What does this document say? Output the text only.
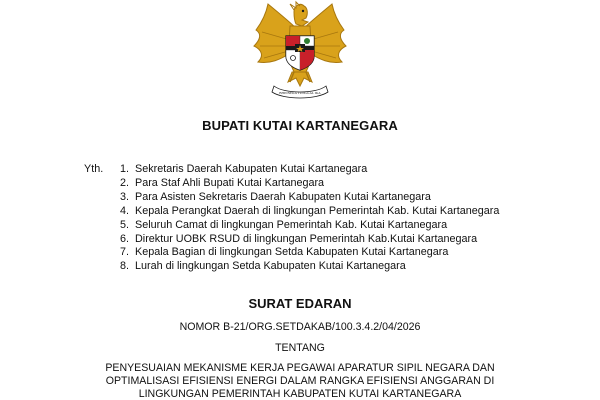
BHINNEKA TUNGGAL IKA
BUPATI KUTAI KARTANEGARA
Yth. 1. Sekretaris Daerah Kabupaten Kutai Kartanegara
2. Para Staf Ahli Bupati Kutai Kartanegara
3. Para Asisten Sekretaris Daerah Kabupaten Kutai Kartanegara
4. Kepala Perangkat Daerah di lingkungan Pemerintah Kab. Kutai Kartanegara
5. Seluruh Camat di lingkungan Pemerintah Kab. Kutai Kartanegara
6. Direktur UOBK RSUD di lingkungan Pemerintah Kab.Kutai Kartanegara
7. Kepala Bagian di lingkungan Setda Kabupaten Kutai Kartanegara
8. Lurah di lingkungan Setda Kabupaten Kutai Kartanegara
SURAT EDARAN
NOMOR B-21/ORG.SETDAKAB/100.3.4.2/04/2026
TENTANG
PENYESUAIAN MEKANISME KERJA PEGAWAI APARATUR SIPIL NEGARA DAN
OPTIMALISASI EFISIENSI ENERGI DALAM RANGKA EFISIENSI ANGGARAN DI
LINGKUNGAN PEMERINTAH KABUPATEN KUTAI KARTANEGARA
